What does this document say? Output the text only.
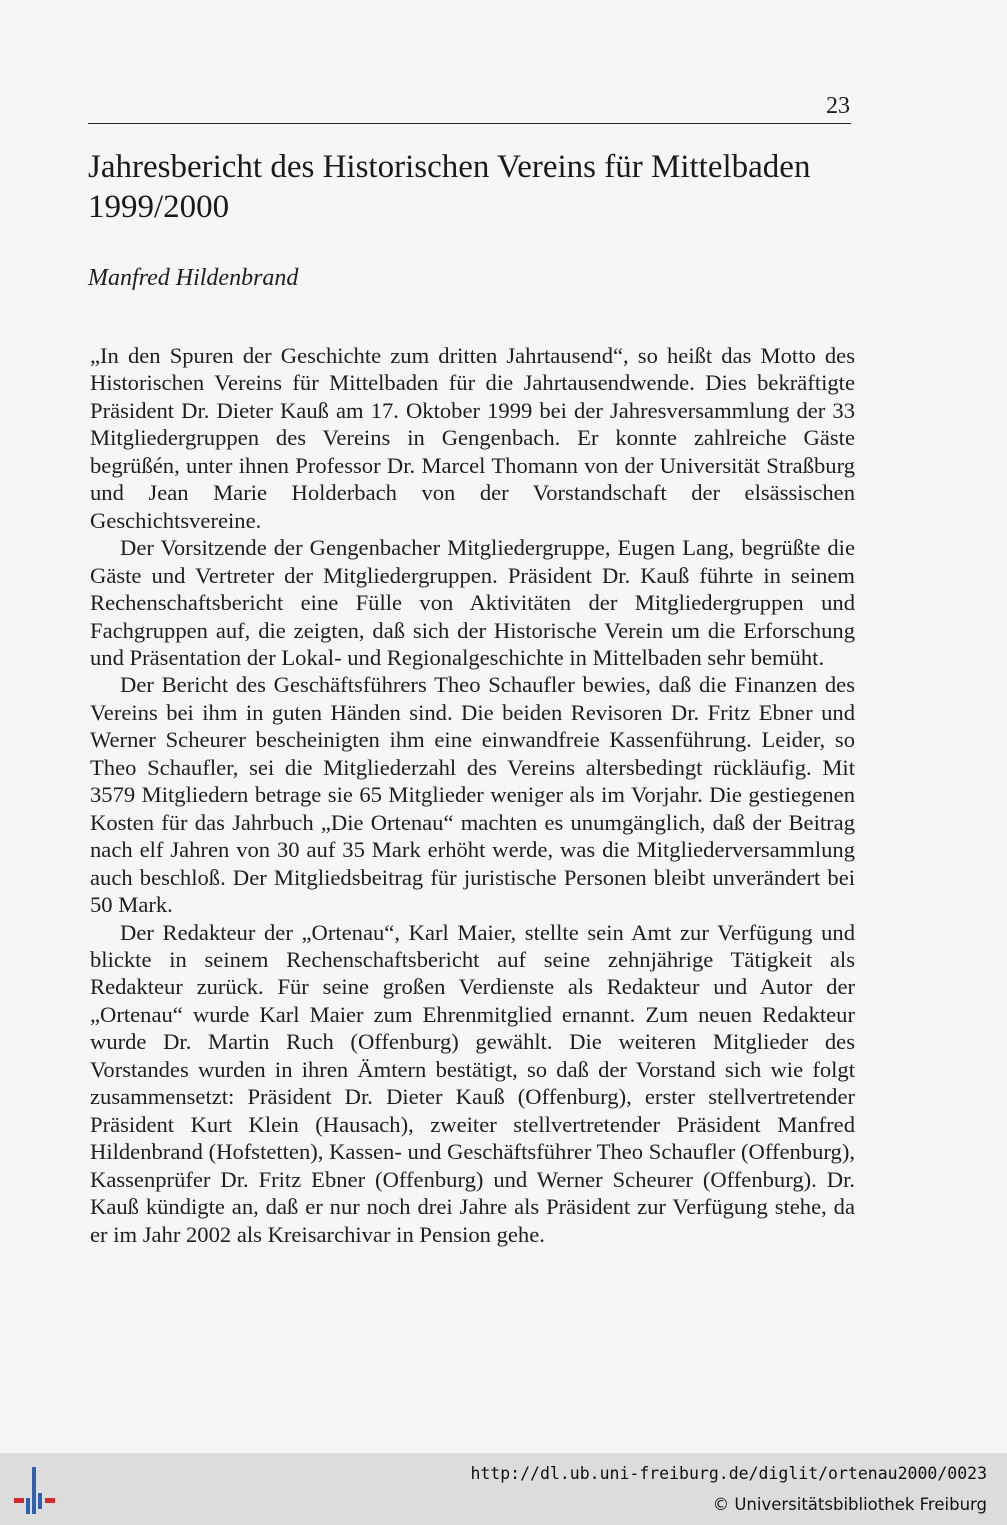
23
Jahresbericht des Historischen Vereins für Mittelbaden
1999/2000
Manfred Hildenbrand

„In den Spuren der Geschichte zum dritten Jahrtausend“, so heißt das Motto des Historischen Vereins für Mittelbaden für die Jahrtausendwende. Dies bekräftigte Präsident Dr. Dieter Kauß am 17. Oktober 1999 bei der Jahresversammlung der 33 Mitgliedergruppen des Vereins in Gengenbach. Er konnte zahlreiche Gäste begrüßén, unter ihnen Professor Dr. Marcel Thomann von der Universität Straßburg und Jean Marie Holderbach von der Vorstandschaft der elsässischen Geschichtsvereine.

Der Vorsitzende der Gengenbacher Mitgliedergruppe, Eugen Lang, begrüßte die Gäste und Vertreter der Mitgliedergruppen. Präsident Dr. Kauß führte in seinem Rechenschaftsbericht eine Fülle von Aktivitäten der Mitgliedergruppen und Fachgruppen auf, die zeigten, daß sich der Historische Verein um die Erforschung und Präsentation der Lokal- und Regionalgeschichte in Mittelbaden sehr bemüht.

Der Bericht des Geschäftsführers Theo Schaufler bewies, daß die Finanzen des Vereins bei ihm in guten Händen sind. Die beiden Revisoren Dr. Fritz Ebner und Werner Scheurer bescheinigten ihm eine einwandfreie Kassenführung. Leider, so Theo Schaufler, sei die Mitgliederzahl des Vereins altersbedingt rückläufig. Mit 3579 Mitgliedern betrage sie 65 Mitglieder weniger als im Vorjahr. Die gestiegenen Kosten für das Jahrbuch „Die Ortenau“ machten es unumgänglich, daß der Beitrag nach elf Jahren von 30 auf 35 Mark erhöht werde, was die Mitgliederversammlung auch beschloß. Der Mitgliedsbeitrag für juristische Personen bleibt unverändert bei 50 Mark.

Der Redakteur der „Ortenau“, Karl Maier, stellte sein Amt zur Verfügung und blickte in seinem Rechenschaftsbericht auf seine zehnjährige Tätigkeit als Redakteur zurück. Für seine großen Verdienste als Redakteur und Autor der „Ortenau“ wurde Karl Maier zum Ehrenmitglied ernannt. Zum neuen Redakteur wurde Dr. Martin Ruch (Offenburg) gewählt. Die weiteren Mitglieder des Vorstandes wurden in ihren Ämtern bestätigt, so daß der Vorstand sich wie folgt zusammensetzt: Präsident Dr. Dieter Kauß (Offenburg), erster stellvertretender Präsident Kurt Klein (Hausach), zweiter stellvertretender Präsident Manfred Hildenbrand (Hofstetten), Kassen- und Geschäftsführer Theo Schaufler (Offenburg), Kassenprüfer Dr. Fritz Ebner (Offenburg) und Werner Scheurer (Offenburg). Dr. Kauß kündigte an, daß er nur noch drei Jahre als Präsident zur Verfügung stehe, da er im Jahr 2002 als Kreisarchivar in Pension gehe.

http://dl.ub.uni-freiburg.de/diglit/ortenau2000/0023
© Universitätsbibliothek Freiburg
